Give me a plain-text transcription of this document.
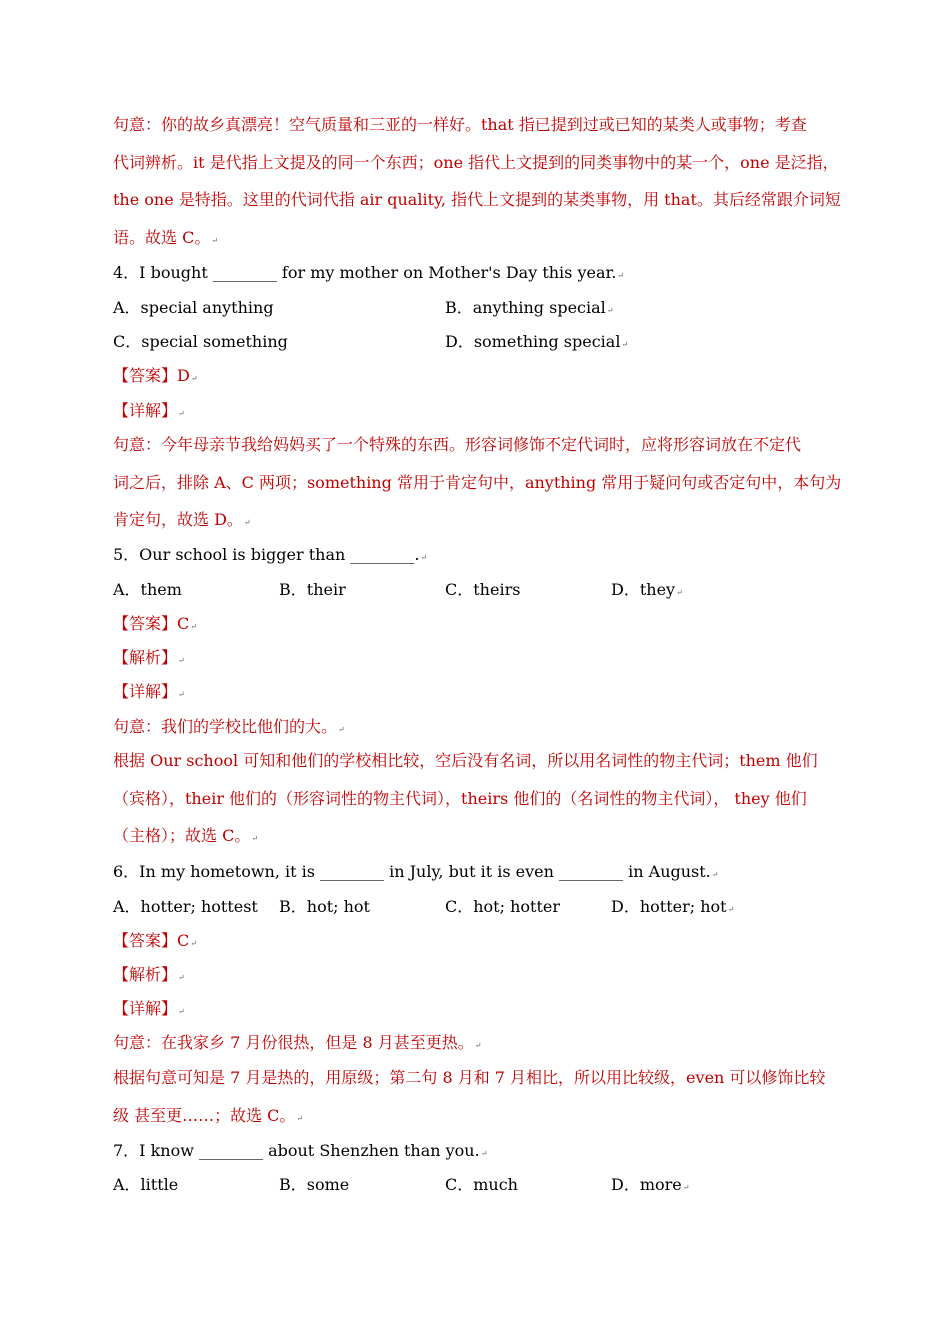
句意：你的故乡真漂亮！空气质量和三亚的一样好。that 指已提到过或已知的某类人或事物；考查
代词辨析。it 是代指上文提及的同一个东西；one 指代上文提到的同类事物中的某一个，one 是泛指，
the one 是特指。这里的代词代指 air quality, 指代上文提到的某类事物，用 that。其后经常跟介词短
语。故选 C。↵
4．I bought ________ for my mother on Mother's Day this year.↵
A．special anything	B．anything special↵
C．special something	D．something special↵
【答案】D↵
【详解】↵
句意：今年母亲节我给妈妈买了一个特殊的东西。形容词修饰不定代词时，应将形容词放在不定代
词之后，排除 A、C 两项；something 常用于肯定句中，anything 常用于疑问句或否定句中，本句为
肯定句，故选 D。↵
5．Our school is bigger than ________.↵
A．them	B．their	C．theirs	D．they↵
【答案】C↵
【解析】↵
【详解】↵
句意：我们的学校比他们的大。↵
根据 Our school 可知和他们的学校相比较，空后没有名词，所以用名词性的物主代词；them 他们
（宾格），their 他们的（形容词性的物主代词），theirs 他们的（名词性的物主代词）， they 他们
（主格）；故选 C。↵
6．In my hometown, it is ________ in July, but it is even ________ in August.↵
A．hotter; hottest B．hot; hot	C．hot; hotter	D．hotter; hot↵
【答案】C↵
【解析】↵
【详解】↵
句意：在我家乡 7 月份很热，但是 8 月甚至更热。↵
根据句意可知是 7 月是热的，用原级；第二句 8 月和 7 月相比，所以用比较级，even 可以修饰比较
级 甚至更……；故选 C。↵
7．I know ________ about Shenzhen than you.↵
A．little	B．some	C．much	D．more↵
